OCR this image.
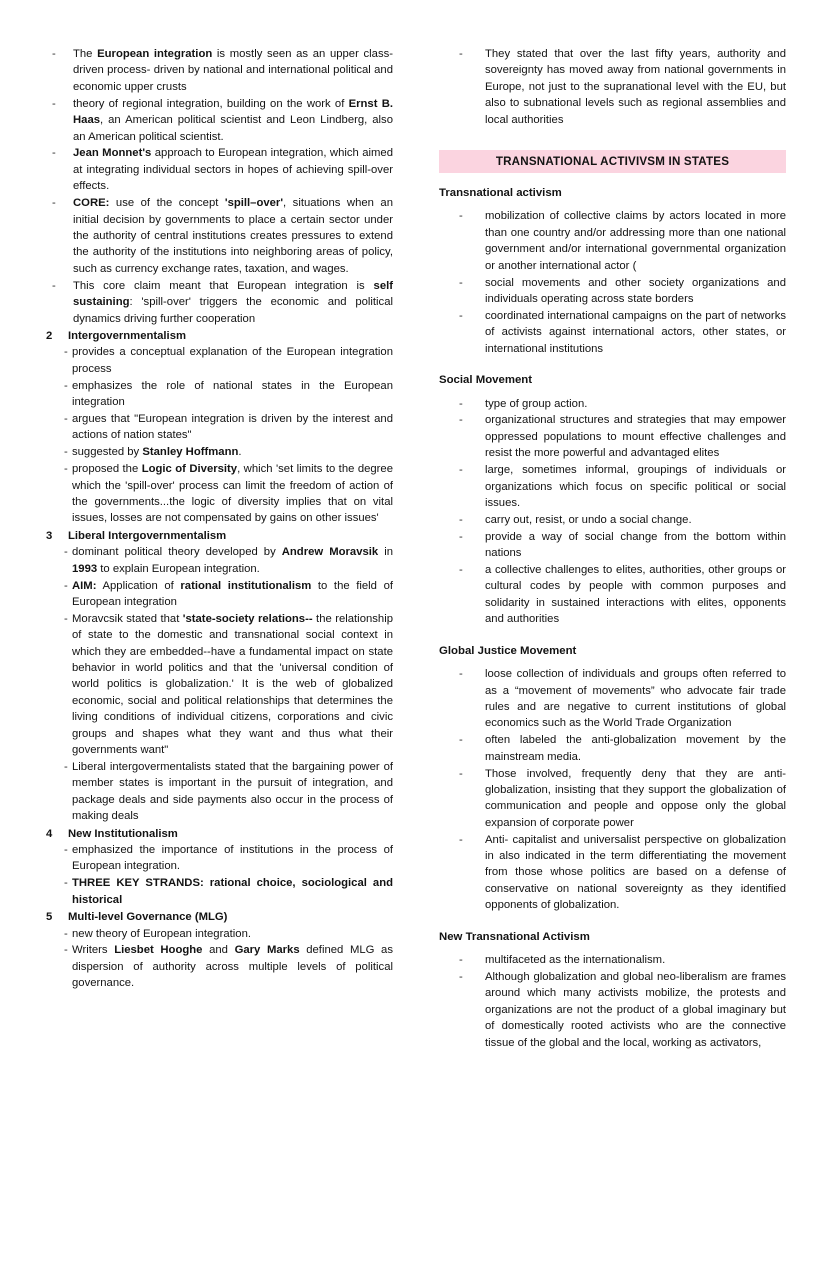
-	The European integration is mostly seen as an upper class- driven process- driven by national and international political and economic upper crusts
-	theory of regional integration, building on the work of Ernst B. Haas, an American political scientist and Leon Lindberg, also an American political scientist.
-	Jean Monnet's approach to European integration, which aimed at integrating individual sectors in hopes of achieving spill-over effects.
-	CORE: use of the concept 'spill–over', situations when an initial decision by governments to place a certain sector under the authority of central institutions creates pressures to extend the authority of the institutions into neighboring areas of policy, such as currency exchange rates, taxation, and wages.
-	This core claim meant that European integration is self sustaining: 'spill-over' triggers the economic and political dynamics driving further cooperation
2	Intergovernmentalism
- provides a conceptual explanation of the European integration process
- emphasizes the role of national states in the European integration
- argues that "European integration is driven by the interest and actions of nation states"
- suggested by Stanley Hoffmann.
- proposed the Logic of Diversity, which 'set limits to the degree which the 'spill-over' process can limit the freedom of action of the governments...the logic of diversity implies that on vital issues, losses are not compensated by gains on other issues'
3	Liberal Intergovernmentalism
- dominant political theory developed by Andrew Moravsik in 1993 to explain European integration.
- AIM: Application of rational institutionalism to the field of European integration
- Moravcsik stated that 'state-society relations-- the relationship of state to the domestic and transnational social context in which they are embedded--have a fundamental impact on state behavior in world politics and that the 'universal condition of world politics is globalization.' It is the web of globalized economic, social and political relationships that determines the living conditions of individual citizens, corporations and civic groups and shapes what they want and thus what their governments want"
- Liberal intergovermentalists stated that the bargaining power of member states is important in the pursuit of integration, and package deals and side payments also occur in the process of making deals
4	New Institutionalism
- emphasized the importance of institutions in the process of European integration.
- THREE KEY STRANDS: rational choice, sociological and historical
5	Multi-level Governance (MLG)
- new theory of European integration.
- Writers Liesbet Hooghe and Gary Marks defined MLG as dispersion of authority across multiple levels of political governance.
-	They stated that over the last fifty years, authority and sovereignty has moved away from national governments in Europe, not just to the supranational level with the EU, but also to subnational levels such as regional assemblies and local authorities
TRANSNATIONAL ACTIVIVSM IN STATES
Transnational activism
-	mobilization of collective claims by actors located in more than one country and/or addressing more than one national government and/or international governmental organization or another international actor (
-	social movements and other society organizations and individuals operating across state borders
-	coordinated international campaigns on the part of networks of activists against international actors, other states, or international institutions
Social Movement
-	type of group action.
-	organizational structures and strategies that may empower oppressed populations to mount effective challenges and resist the more powerful and advantaged elites
-	large, sometimes informal, groupings of individuals or organizations which focus on specific political or social issues.
-	carry out, resist, or undo a social change.
-	provide a way of social change from the bottom within nations
-	a collective challenges to elites, authorities, other groups or cultural codes by people with common purposes and solidarity in sustained interactions with elites, opponents and authorities
Global Justice Movement
-	loose collection of individuals and groups often referred to as a “movement of movements” who advocate fair trade rules and are negative to current institutions of global economics such as the World Trade Organization
-	often labeled the anti-globalization movement by the mainstream media.
-	Those involved, frequently deny that they are anti-globalization, insisting that they support the globalization of communication and people and oppose only the global expansion of corporate power
-	Anti- capitalist and universalist perspective on globalization in also indicated in the term differentiating the movement from those whose politics are based on a defense of conservative on national sovereignty as they identified opponents of globalization.
New Transnational Activism
-	multifaceted as the internationalism.
-	Although globalization and global neo-liberalism are frames around which many activists mobilize, the protests and organizations are not the product of a global imaginary but of domestically rooted activists who are the connective tissue of the global and the local, working as activators,
